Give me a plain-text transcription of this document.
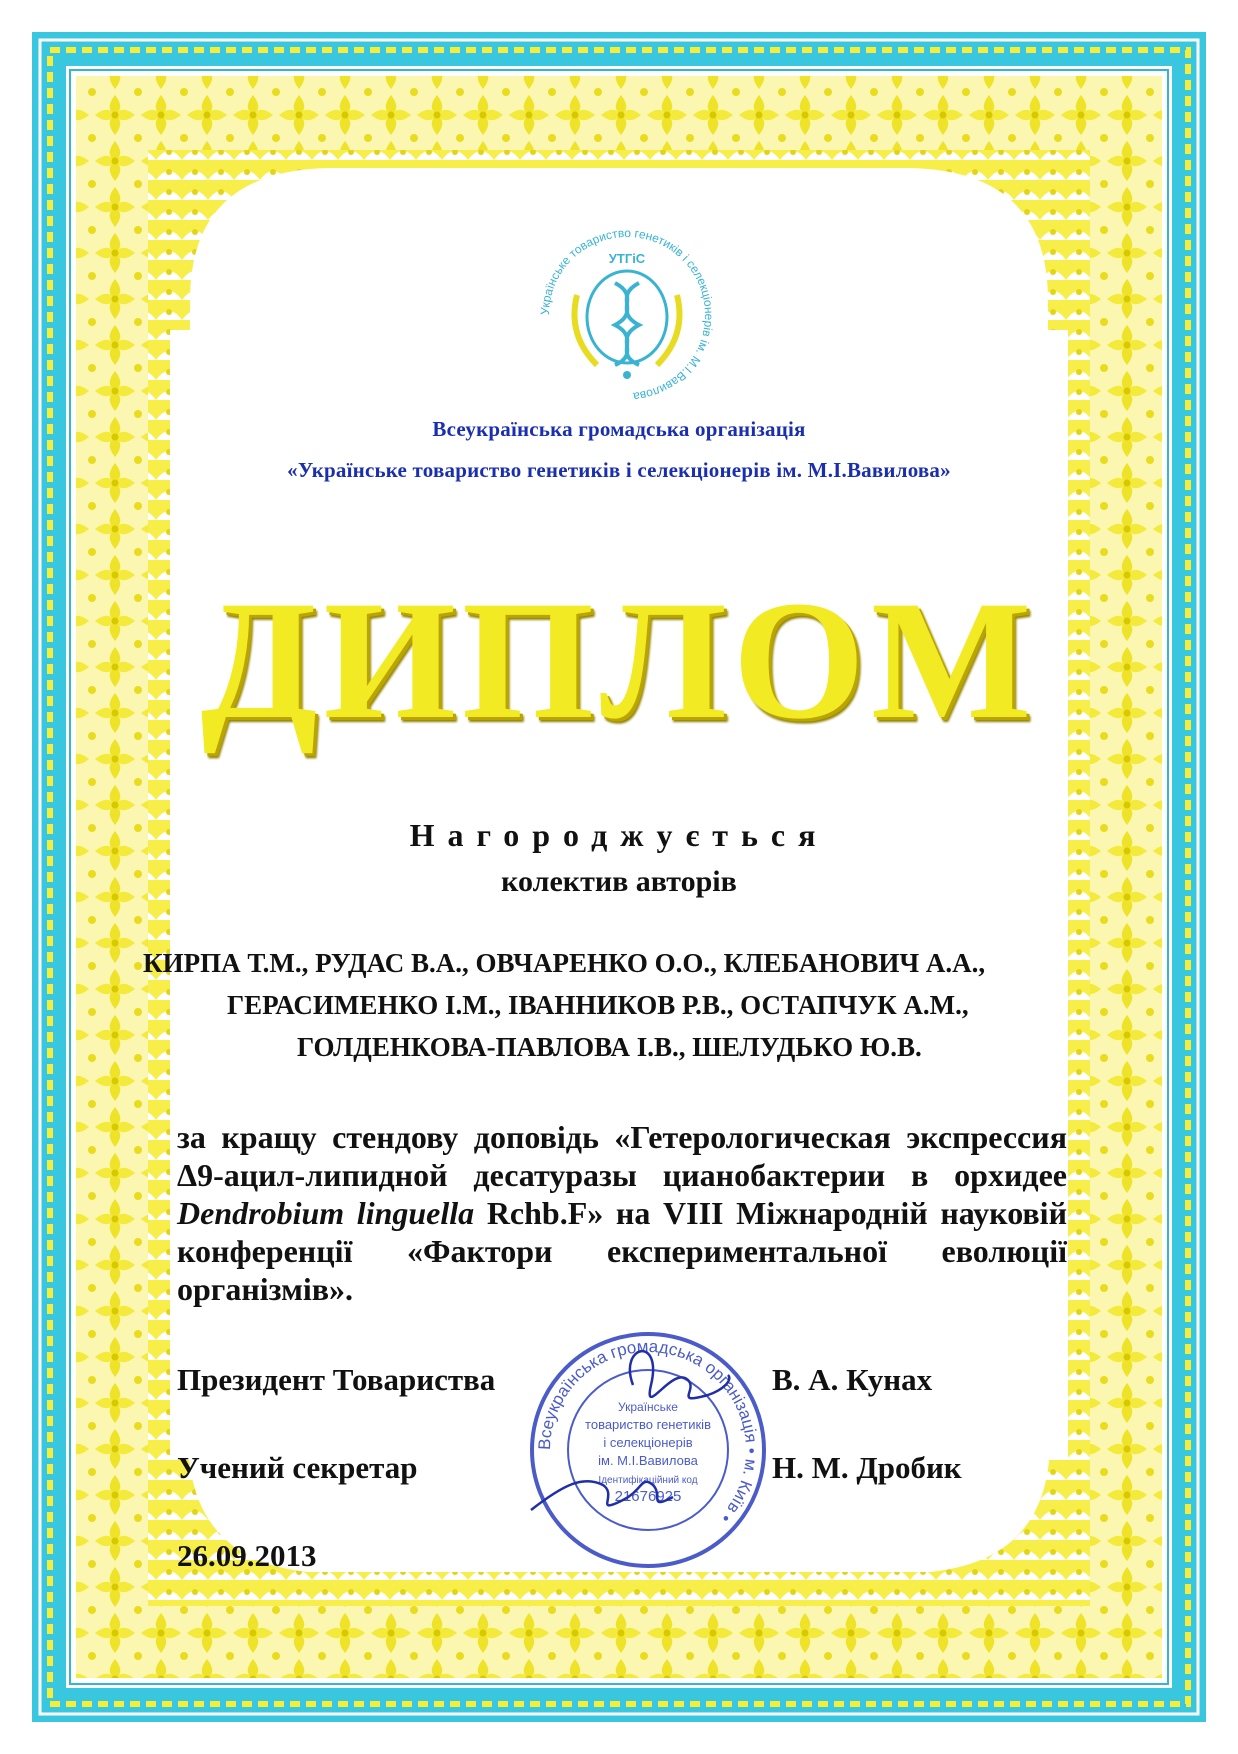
Українське товариство генетиків і селекціонерів ім. М.І.Вавилова
УТГіС
Всеукраїнська громадська організація
«Українське товариство генетиків і селекціонерів ім. М.І.Вавилова»
ДИПЛОМ
Нагороджується
колектив авторів
КИРПА Т.М., РУДАС В.А., ОВЧАРЕНКО О.О., КЛЕБАНОВИЧ А.А.,
ГЕРАСИМЕНКО І.М., ІВАННИКОВ Р.В., ОСТАПЧУК А.М.,
ГОЛДЕНКОВА-ПАВЛОВА І.В., ШЕЛУДЬКО Ю.В.
за кращу стендову доповідь «Гетерологическая экспрессия Δ9-ацил-липидной десатуразы цианобактерии в орхидее Dendrobium linguella Rchb.F» на VIII Міжнародній науковій конференції «Фактори експериментальної еволюції організмів».
Президент Товариства	В. А. Кунах
Учений секретар	Н. М. Дробик
26.09.2013
Всеукраїнська громадська організація • м. Київ •
Українське
товариство генетиків
і селекціонерів
ім. М.І.Вавилова
Ідентифікаційний код
21676925
